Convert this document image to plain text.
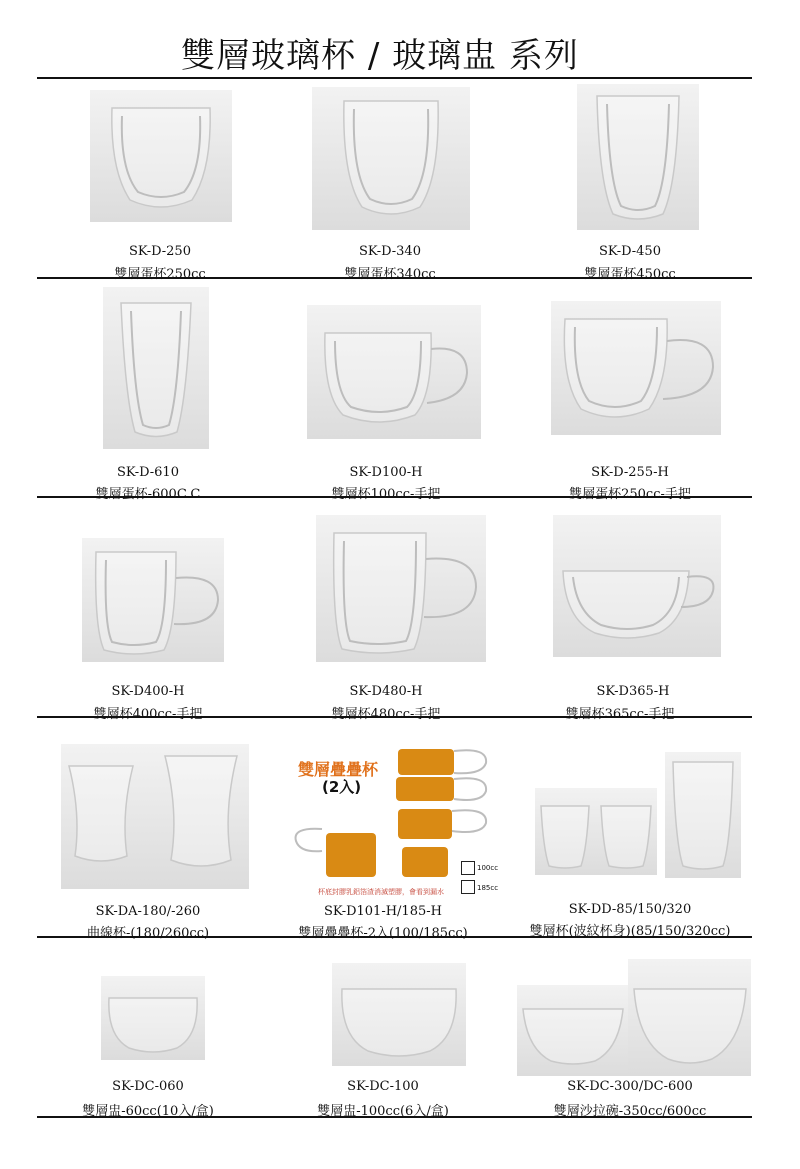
雙層玻璃杯 / 玻璃盅 系列
SK-D-250
雙層蛋杯250cc
SK-D-340
雙層蛋杯340cc
SK-D-450
雙層蛋杯450cc
SK-D-610
雙層蛋杯-600C.C
SK-D100-H
雙層杯100cc-手把
SK-D-255-H
雙層蛋杯250cc-手把
SK-D400-H
雙層杯400cc-手把
SK-D480-H
雙層杯480cc-手把
SK-D365-H
雙層杯365cc-手把
SK-DA-180/-260
曲線杯-(180/260cc)
雙層疊疊杯
(2入)
100cc
185cc
杯底封膠乳鋁箔渣消滅塑膠，會看到漏水
SK-D101-H/185-H
雙層疊疊杯-2入(100/185cc)
SK-DD-85/150/320
雙層杯(波紋杯身)(85/150/320cc)
SK-DC-060
雙層盅-60cc(10入/盒)
SK-DC-100
雙層盅-100cc(6入/盒)
SK-DC-300/DC-600
雙層沙拉碗-350cc/600cc
